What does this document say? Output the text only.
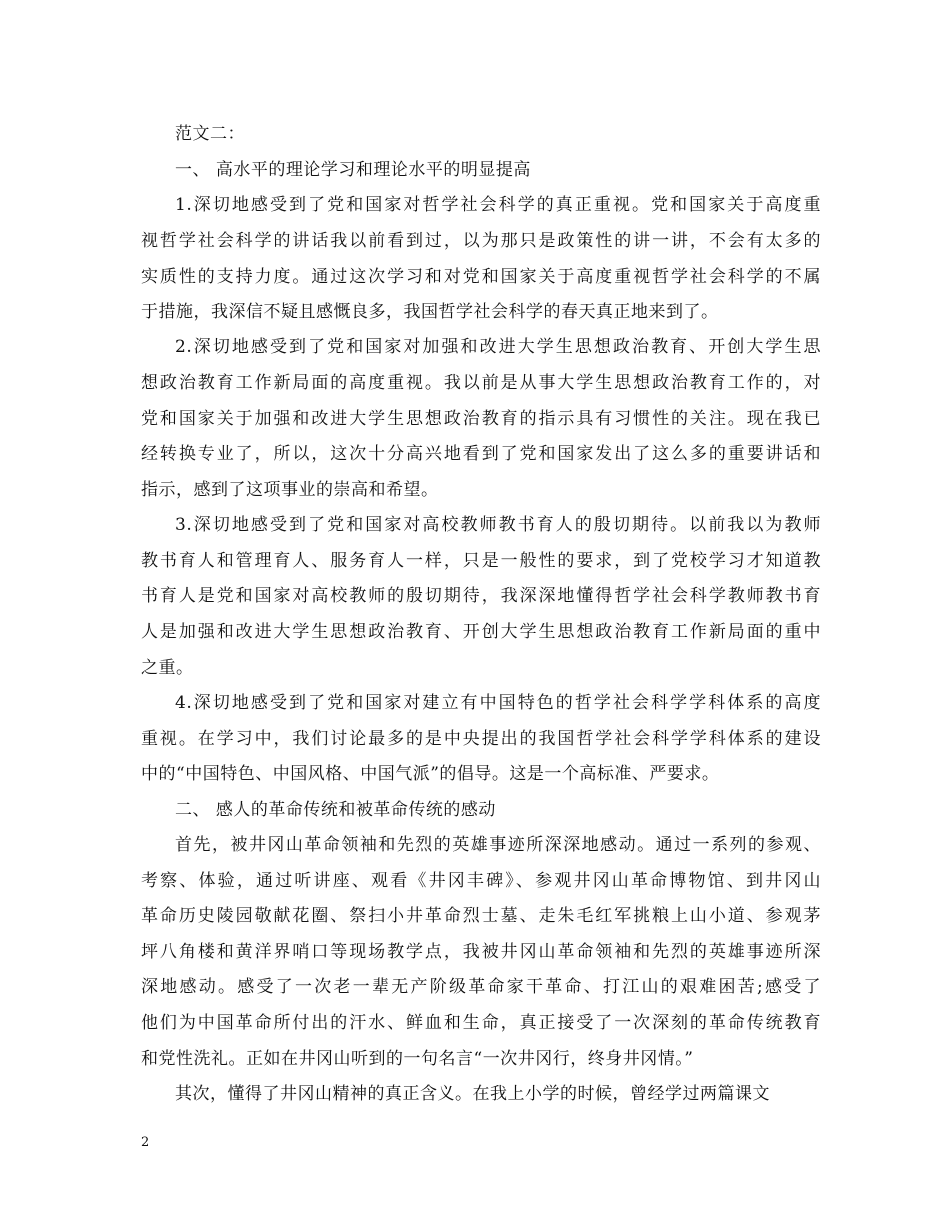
范文二：
一、 高水平的理论学习和理论水平的明显提高
1.深切地感受到了党和国家对哲学社会科学的真正重视。党和国家关于高度重
视哲学社会科学的讲话我以前看到过，以为那只是政策性的讲一讲，不会有太多的
实质性的支持力度。通过这次学习和对党和国家关于高度重视哲学社会科学的不属
于措施，我深信不疑且感慨良多，我国哲学社会科学的春天真正地来到了。
2.深切地感受到了党和国家对加强和改进大学生思想政治教育、开创大学生思
想政治教育工作新局面的高度重视。我以前是从事大学生思想政治教育工作的，对
党和国家关于加强和改进大学生思想政治教育的指示具有习惯性的关注。现在我已
经转换专业了，所以，这次十分高兴地看到了党和国家发出了这么多的重要讲话和
指示，感到了这项事业的崇高和希望。
3.深切地感受到了党和国家对高校教师教书育人的殷切期待。以前我以为教师
教书育人和管理育人、服务育人一样，只是一般性的要求，到了党校学习才知道教
书育人是党和国家对高校教师的殷切期待，我深深地懂得哲学社会科学教师教书育
人是加强和改进大学生思想政治教育、开创大学生思想政治教育工作新局面的重中
之重。
4.深切地感受到了党和国家对建立有中国特色的哲学社会科学学科体系的高度
重视。在学习中，我们讨论最多的是中央提出的我国哲学社会科学学科体系的建设
中的“中国特色、中国风格、中国气派”的倡导。这是一个高标准、严要求。
二、 感人的革命传统和被革命传统的感动
首先，被井冈山革命领袖和先烈的英雄事迹所深深地感动。通过一系列的参观、
考察、体验，通过听讲座、观看《井冈丰碑》、参观井冈山革命博物馆、到井冈山
革命历史陵园敬献花圈、祭扫小井革命烈士墓、走朱毛红军挑粮上山小道、参观茅
坪八角楼和黄洋界哨口等现场教学点，我被井冈山革命领袖和先烈的英雄事迹所深
深地感动。感受了一次老一辈无产阶级革命家干革命、打江山的艰难困苦;感受了
他们为中国革命所付出的汗水、鲜血和生命，真正接受了一次深刻的革命传统教育
和党性洗礼。正如在井冈山听到的一句名言“一次井冈行，终身井冈情。”
其次，懂得了井冈山精神的真正含义。在我上小学的时候，曾经学过两篇课文
2
